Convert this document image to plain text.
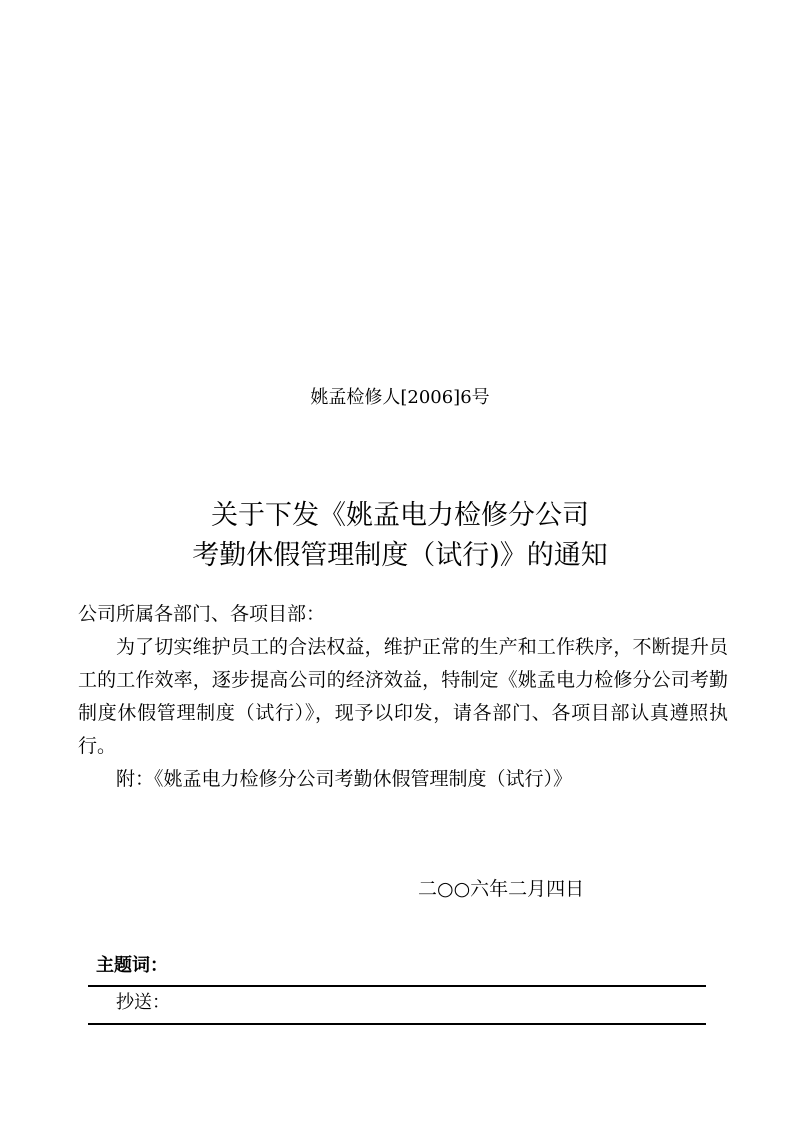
姚孟检修人[2006]6号
关于下发《姚孟电力检修分公司
考勤休假管理制度（试行)》的通知

公司所属各部门、各项目部：

为了切实维护员工的合法权益，维护正常的生产和工作秩序，不断提升员工的工作效率，逐步提高公司的经济效益，特制定《姚孟电力检修分公司考勤制度休假管理制度（试行）》，现予以印发，请各部门、各项目部认真遵照执行。

附：《姚孟电力检修分公司考勤休假管理制度（试行）》

二○○六年二月四日
主题词：
抄送：
